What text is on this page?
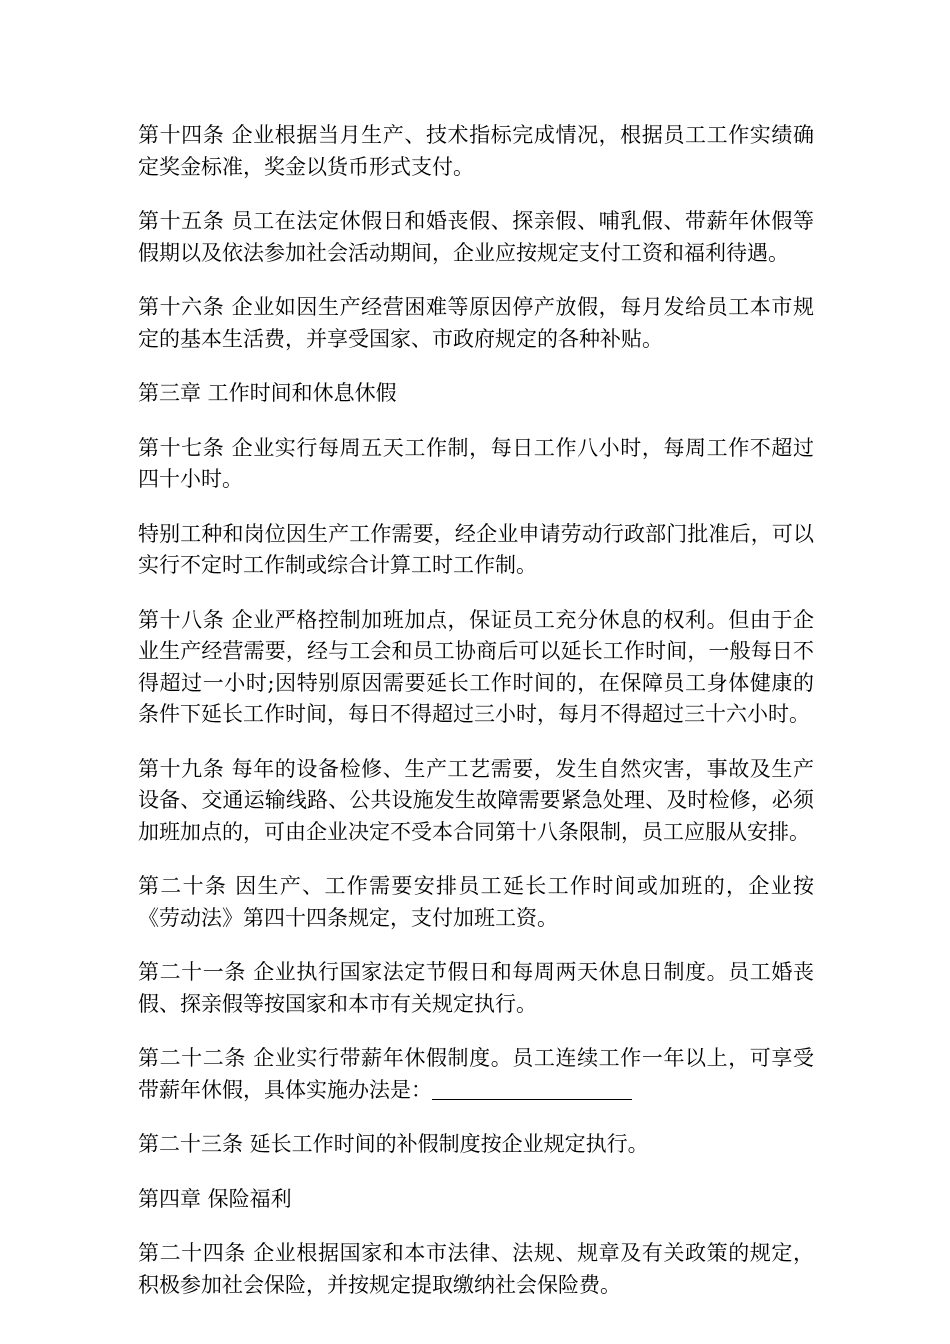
第十四条 企业根据当月生产、技术指标完成情况，根据员工工作实绩确定奖金标准，奖金以货币形式支付。

第十五条 员工在法定休假日和婚丧假、探亲假、哺乳假、带薪年休假等假期以及依法参加社会活动期间，企业应按规定支付工资和福利待遇。

第十六条 企业如因生产经营困难等原因停产放假，每月发给员工本市规定的基本生活费，并享受国家、市政府规定的各种补贴。

第三章 工作时间和休息休假

第十七条 企业实行每周五天工作制，每日工作八小时，每周工作不超过四十小时。

特别工种和岗位因生产工作需要，经企业申请劳动行政部门批准后，可以实行不定时工作制或综合计算工时工作制。

第十八条 企业严格控制加班加点，保证员工充分休息的权利。但由于企业生产经营需要，经与工会和员工协商后可以延长工作时间，一般每日不得超过一小时;因特别原因需要延长工作时间的，在保障员工身体健康的条件下延长工作时间，每日不得超过三小时，每月不得超过三十六小时。

第十九条 每年的设备检修、生产工艺需要，发生自然灾害，事故及生产设备、交通运输线路、公共设施发生故障需要紧急处理、及时检修，必须加班加点的，可由企业决定不受本合同第十八条限制，员工应服从安排。

第二十条 因生产、工作需要安排员工延长工作时间或加班的，企业按《劳动法》第四十四条规定，支付加班工资。

第二十一条 企业执行国家法定节假日和每周两天休息日制度。员工婚丧假、探亲假等按国家和本市有关规定执行。

第二十二条 企业实行带薪年休假制度。员工连续工作一年以上，可享受带薪年休假，具体实施办法是：

第二十三条 延长工作时间的补假制度按企业规定执行。

第四章 保险福利

第二十四条 企业根据国家和本市法律、法规、规章及有关政策的规定，积极参加社会保险，并按规定提取缴纳社会保险费。
